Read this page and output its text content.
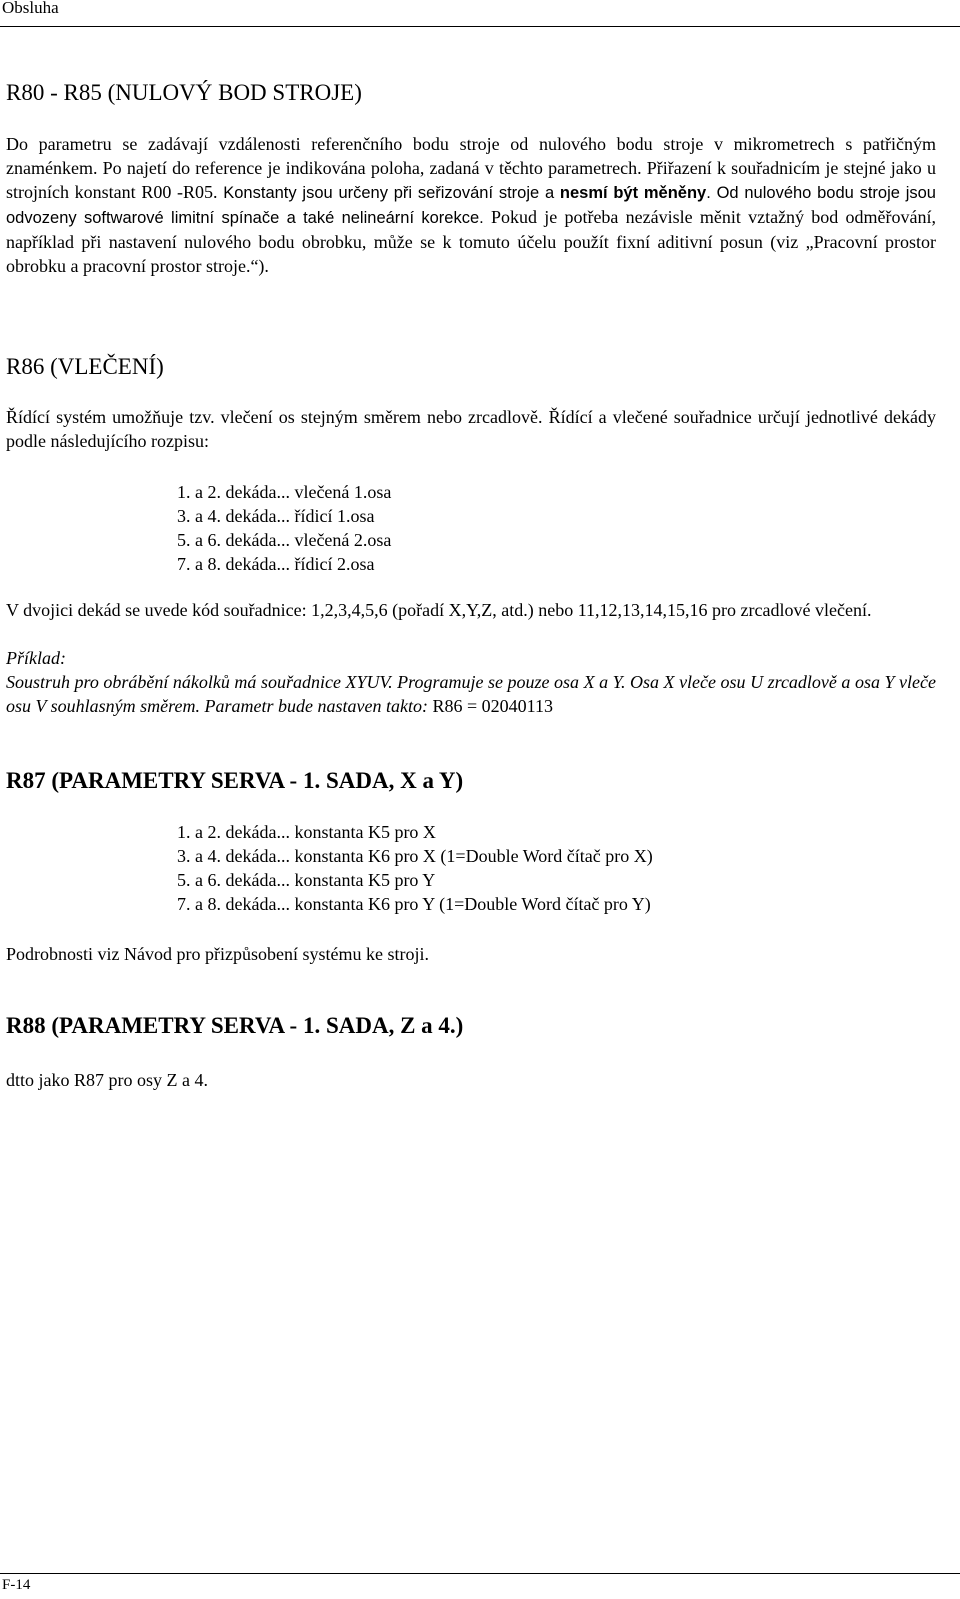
Obsluha
R80 - R85 (NULOVÝ BOD STROJE)

Do parametru se zadávají vzdálenosti referenčního bodu stroje od nulového bodu stroje v mikrometrech s patřičným znaménkem. Po najetí do reference je indikována poloha, zadaná v těchto parametrech. Přiřazení k souřadnicím je stejné jako u strojních konstant R00 -R05. Konstanty jsou určeny při seřizování stroje a nesmí být měněny. Od nulového bodu stroje jsou odvozeny softwarové limitní spínače a také nelineární korekce. Pokud je potřeba nezávisle měnit vztažný bod odměřování, například při nastavení nulového bodu obrobku, může se k tomuto účelu použít fixní aditivní posun (viz „Pracovní prostor obrobku a pracovní prostor stroje.“).

R86 (VLEČENÍ)

Řídící systém umožňuje tzv. vlečení os stejným směrem nebo zrcadlově. Řídící a vlečené souřadnice určují jednotlivé dekády podle následujícího rozpisu:

1. a 2. dekáda... vlečená 1.osa
3. a 4. dekáda... řídicí 1.osa
5. a 6. dekáda... vlečená 2.osa
7. a 8. dekáda... řídicí 2.osa

V dvojici dekád se uvede kód souřadnice: 1,2,3,4,5,6 (pořadí X,Y,Z, atd.) nebo 11,12,13,14,15,16 pro zrcadlové vlečení.

Příklad:

Soustruh pro obrábění nákolků má souřadnice XYUV. Programuje se pouze osa X a Y. Osa X vleče osu U zrcadlově a osa Y vleče osu V souhlasným směrem. Parametr bude nastaven takto: R86 = 02040113

R87 (PARAMETRY SERVA - 1. SADA, X a Y)
1. a 2. dekáda... konstanta K5 pro X
3. a 4. dekáda... konstanta K6 pro X (1=Double Word čítač pro X)
5. a 6. dekáda... konstanta K5 pro Y
7. a 8. dekáda... konstanta K6 pro Y (1=Double Word čítač pro Y)

Podrobnosti viz Návod pro přizpůsobení systému ke stroji.

R88 (PARAMETRY SERVA - 1. SADA, Z a 4.)

dtto jako R87 pro osy Z a 4.

F-14
